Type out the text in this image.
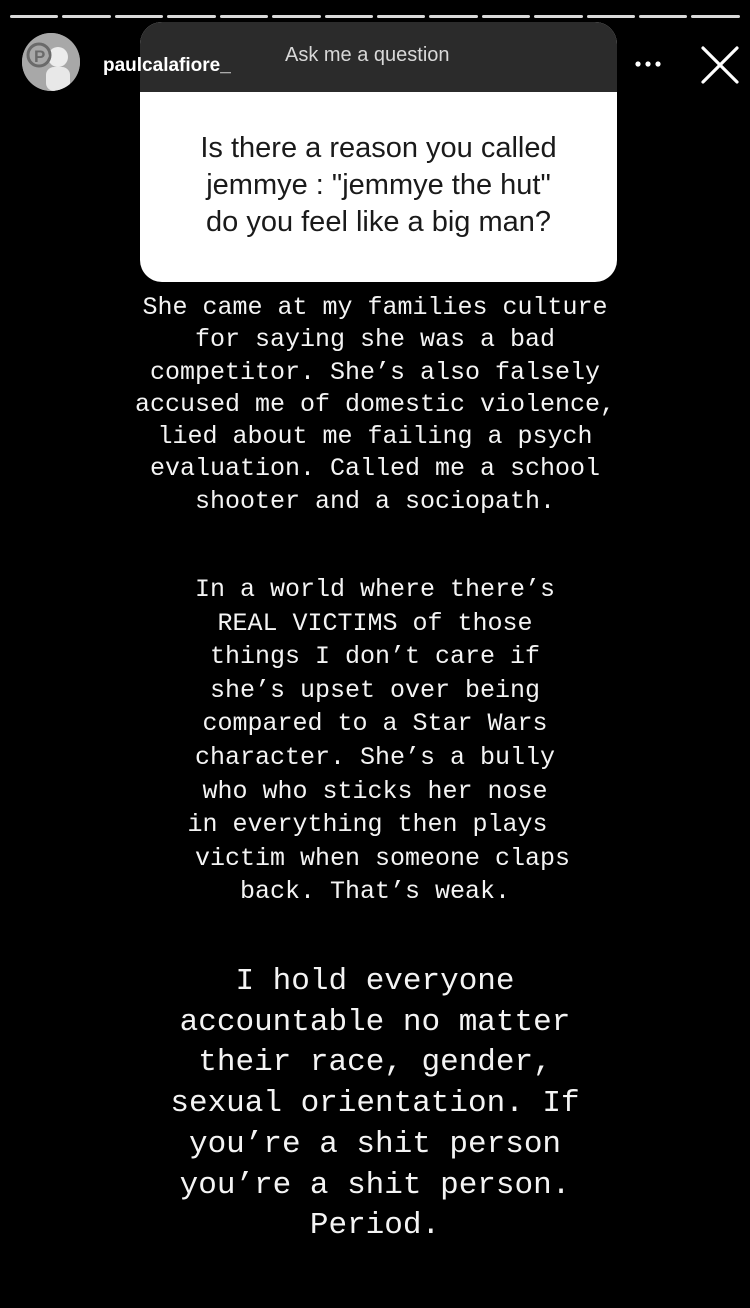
P	Ask me a question
Is there a reason you called
jemmye : "jemmye the hut"
do you feel like a big man?
paulcalafiore_
She came at my families culture
for saying she was a bad
competitor. She’s also falsely
accused me of domestic violence,
lied about me failing a psych
evaluation. Called me a school
shooter and a sociopath.
In a world where there’s
REAL VICTIMS of those
things I don’t care if
she’s upset over being
compared to a Star Wars
character. She’s a bully
who who sticks her nose
in everything then plays
victim when someone claps
back. That’s weak.
I hold everyone
accountable no matter
their race, gender,
sexual orientation. If
you’re a shit person
you’re a shit person.
Period.
